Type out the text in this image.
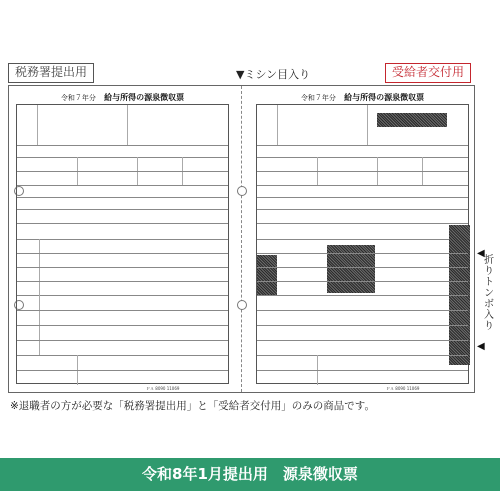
税務署提出用	▼ミシン目入り	受給者交付用
令和７年分 給与所得の源泉徴収票
ＰＡ 8090 11069
令和７年分 給与所得の源泉徴収票
ＰＡ 8090 11069
◀
折りトンボ入り
◀
※退職者の方が必要な「税務署提出用」と「受給者交付用」のみの商品です。
令和8年1月提出用　源泉徴収票
